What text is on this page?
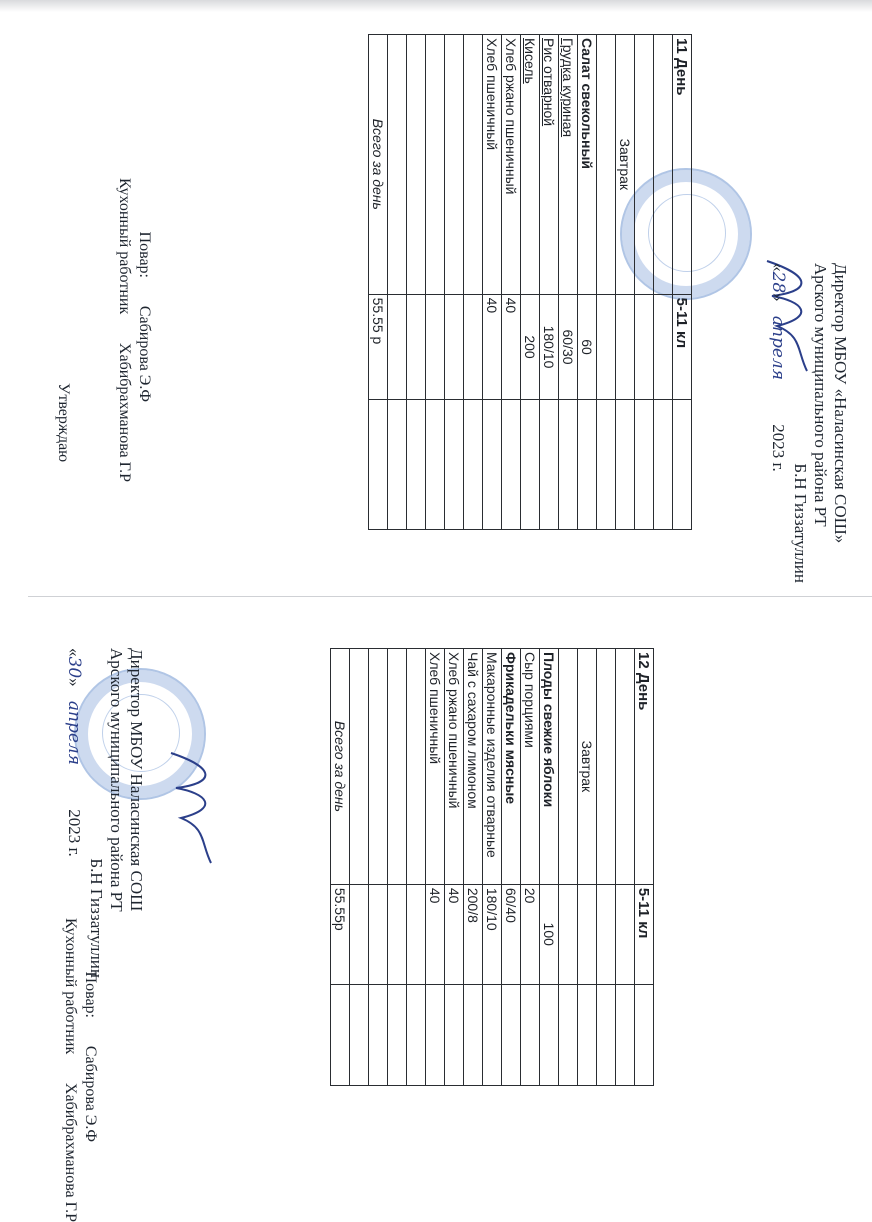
Директор МБОУ «Наласинская СОШ»
Арского муниципального района РТ
Б.Н Гиззатуллин
«28» апреля 2023 г.
11 День	5-11 кл	

Завтрак		

Салат свекольный	60	
Грудка куриная	60/30	
Рис отварной	180/10	
Кисель	200	
Хлеб ржано пшеничный	40	
Хлеб пшеничный	40	

Всего за день	55.55 р	
Повар: Сабирова Э.Ф
Кухонный работник Хабибрахманова Г.Р
Утверждаю
Директор МБОУ Наласинская СОШ
Арского муниципального района РТ
Б.Н Гиззатуллин
«30» апреля 2023 г.
12 День	5-11 кл	

Завтрак		

Плоды свежие яблоки	100	
Сыр порциями	20	
Фрикадельки мясные	60/40	
Макаронные изделия отварные	180/10	
Чай с сахаром лимоном	200/8	
Хлеб ржано пшеничный	40	
Хлеб пшеничный	40	

Всего за день	55.55р	
Повар: Сабирова Э.Ф
Кухонный работник Хабибрахманова Г.Р
